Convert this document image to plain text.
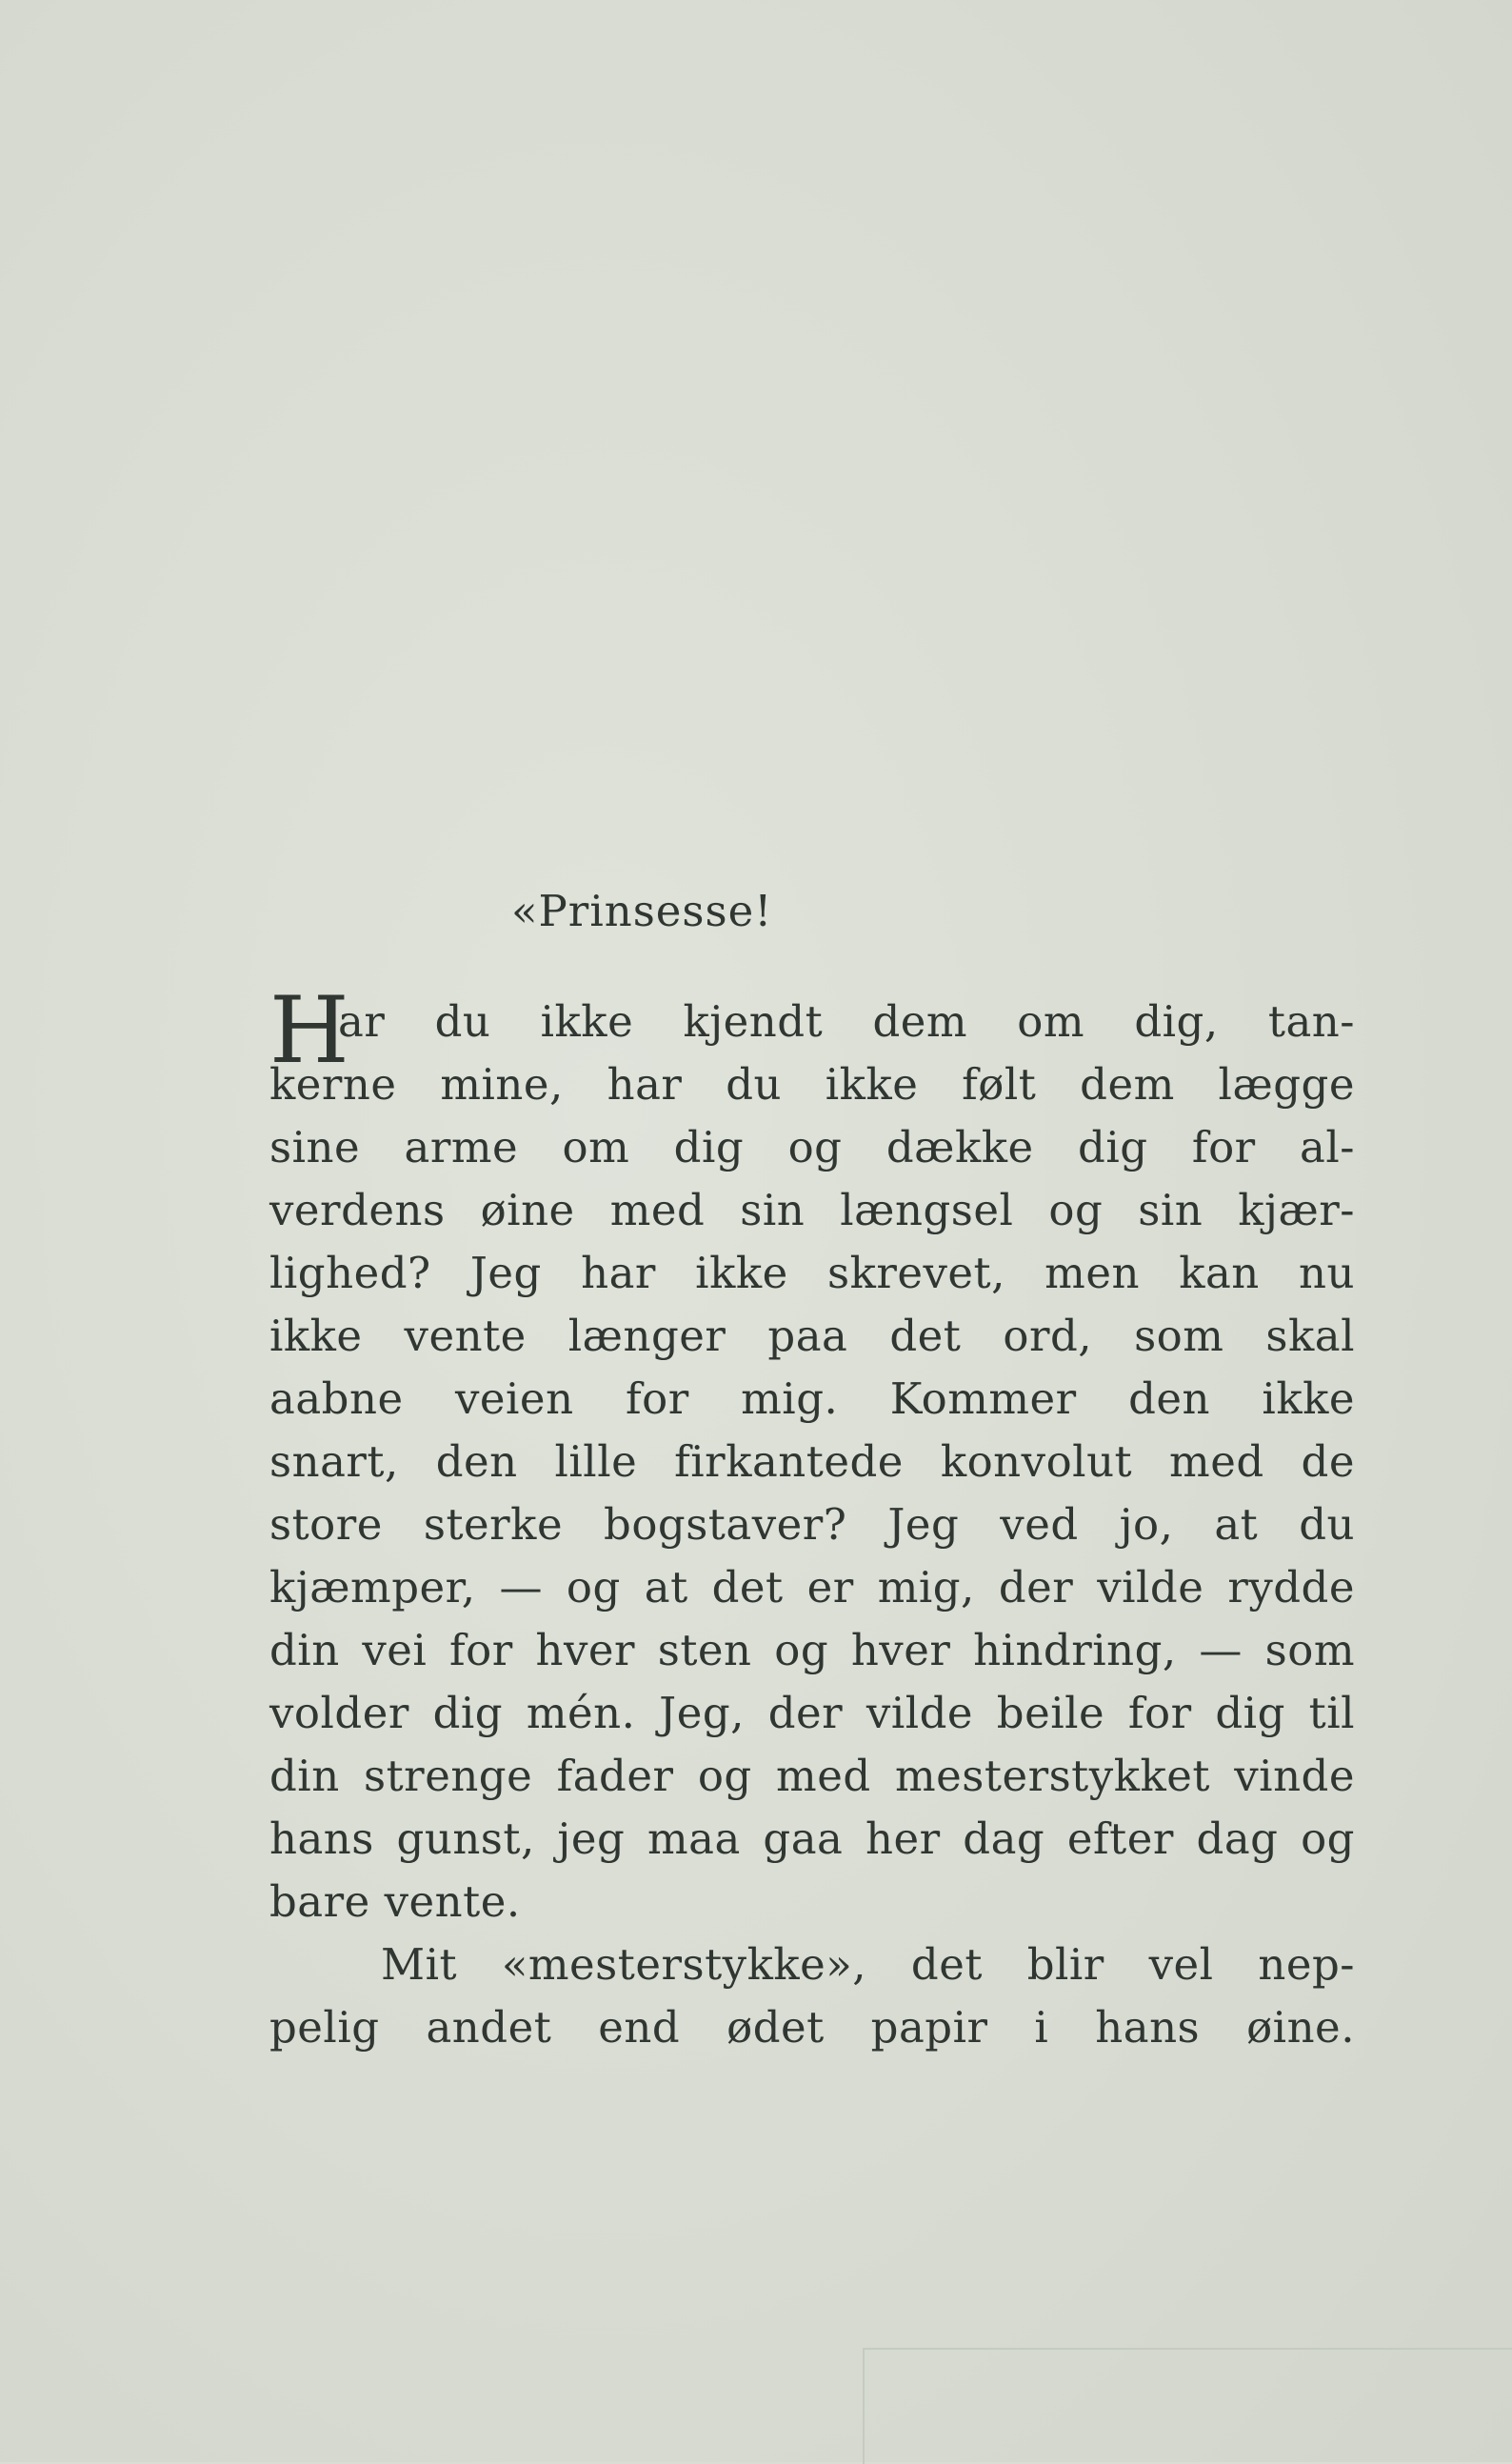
«Prinsesse!
H
ar du ikke kjendt dem om dig, tan-
kerne mine, har du ikke følt dem lægge
sine arme om dig og dække dig for al-
verdens øine med sin længsel og sin kjær-
lighed? Jeg har ikke skrevet, men kan nu
ikke vente længer paa det ord, som skal
aabne veien for mig. Kommer den ikke
snart, den lille firkantede konvolut med de
store sterke bogstaver? Jeg ved jo, at du
kjæmper, — og at det er mig, der vilde rydde
din vei for hver sten og hver hindring, — som
volder dig mén. Jeg, der vilde beile for dig til
din strenge fader og med mesterstykket vinde
hans gunst, jeg maa gaa her dag efter dag og
bare vente.
Mit «mesterstykke», det blir vel nep-
pelig andet end ødet papir i hans øine.
